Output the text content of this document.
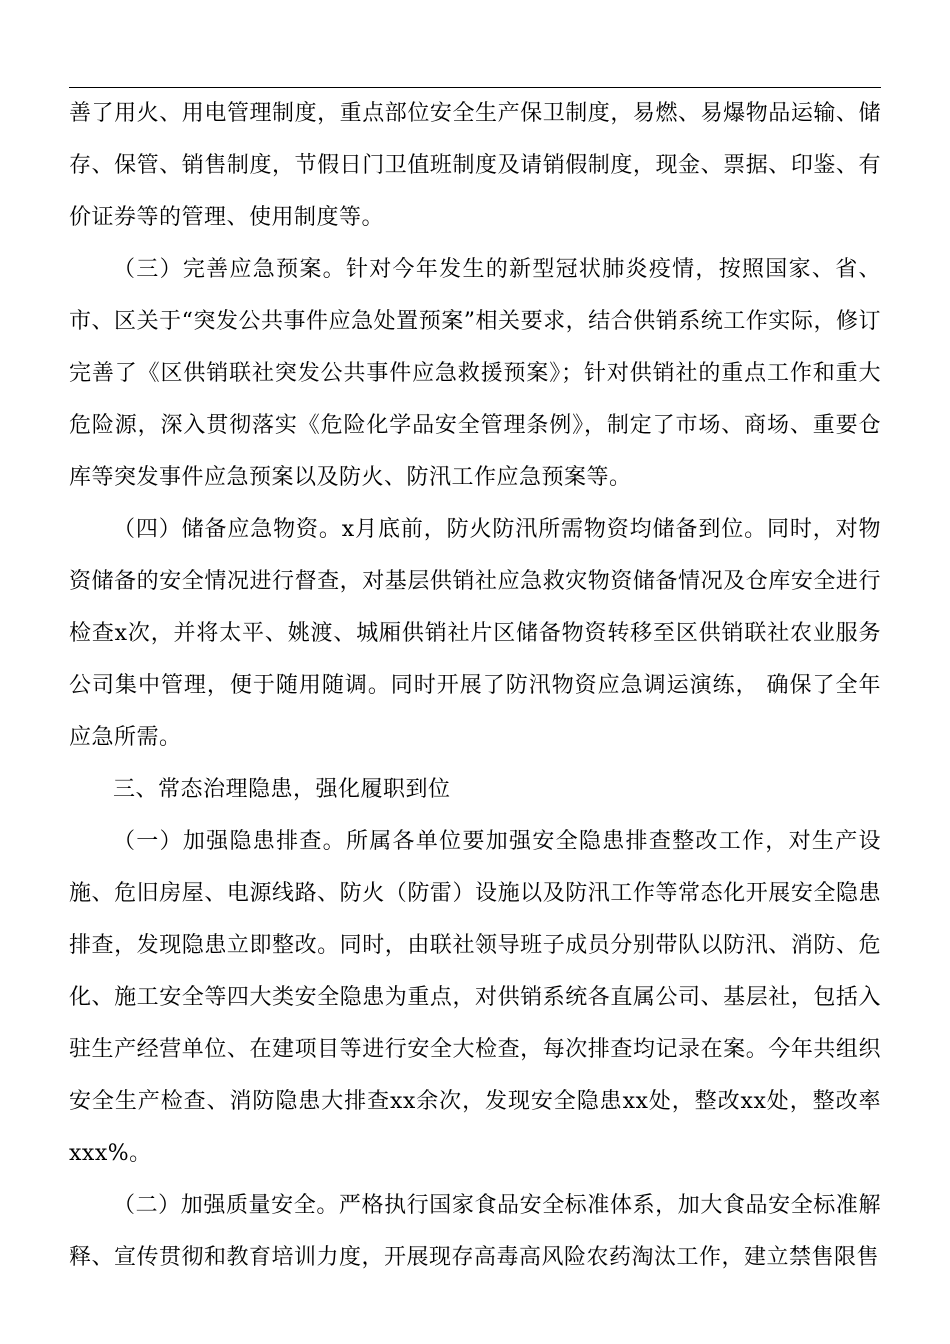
善了用火、用电管理制度，重点部位安全生产保卫制度，易燃、易爆物品运输、储存、保管、销售制度，节假日门卫值班制度及请销假制度，现金、票据、印鉴、有价证券等的管理、使用制度等。

（三）完善应急预案。针对今年发生的新型冠状肺炎疫情，按照国家、省、市、区关于“突发公共事件应急处置预案”相关要求，结合供销系统工作实际，修订完善了《区供销联社突发公共事件应急救援预案》；针对供销社的重点工作和重大危险源，深入贯彻落实《危险化学品安全管理条例》，制定了市场、商场、重要仓库等突发事件应急预案以及防火、防汛工作应急预案等。

（四）储备应急物资。x月底前，防火防汛所需物资均储备到位。同时，对物资储备的安全情况进行督查，对基层供销社应急救灾物资储备情况及仓库安全进行检查x次，并将太平、姚渡、城厢供销社片区储备物资转移至区供销联社农业服务公司集中管理，便于随用随调。同时开展了防汛物资应急调运演练， 确保了全年应急所需。

三、常态治理隐患，强化履职到位

（一）加强隐患排查。所属各单位要加强安全隐患排查整改工作，对生产设施、危旧房屋、电源线路、防火（防雷）设施以及防汛工作等常态化开展安全隐患排查，发现隐患立即整改。同时，由联社领导班子成员分别带队以防汛、消防、危化、施工安全等四大类安全隐患为重点，对供销系统各直属公司、基层社，包括入驻生产经营单位、在建项目等进行安全大检查，每次排查均记录在案。今年共组织安全生产检查、消防隐患大排查xx余次，发现安全隐患xx处，整改xx处，整改率xxx%。

（二）加强质量安全。严格执行国家食品安全标准体系，加大食品安全标准解释、宣传贯彻和教育培训力度，开展现存高毒高风险农药淘汰工作，建立禁售限售
